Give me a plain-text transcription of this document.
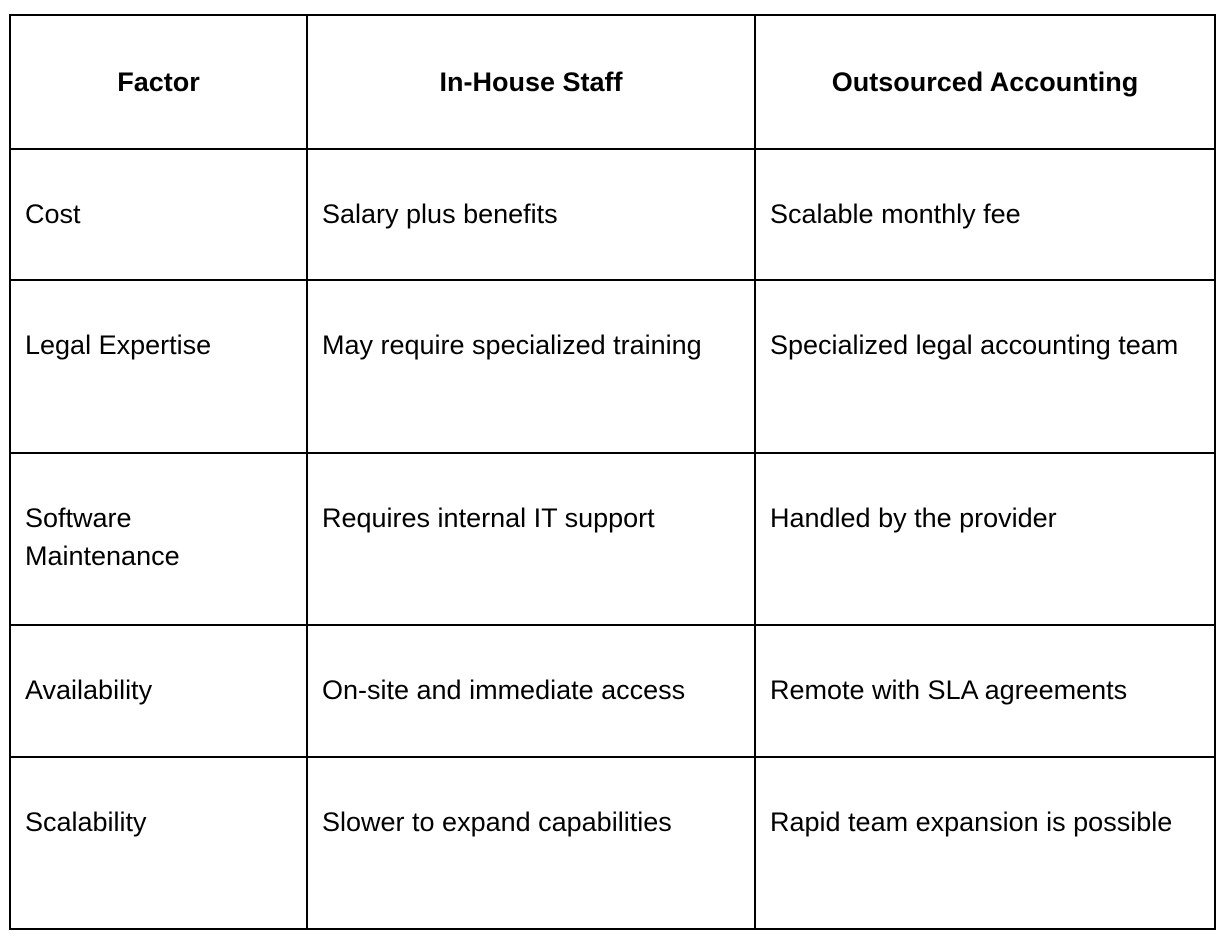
Factor	In-House Staff	Outsourced Accounting
Cost	Salary plus benefits	Scalable monthly fee
Legal Expertise	May require specialized training	Specialized legal accounting team
Software Maintenance	Requires internal IT support	Handled by the provider
Availability	On-site and immediate access	Remote with SLA agreements
Scalability	Slower to expand capabilities	Rapid team expansion is possible
